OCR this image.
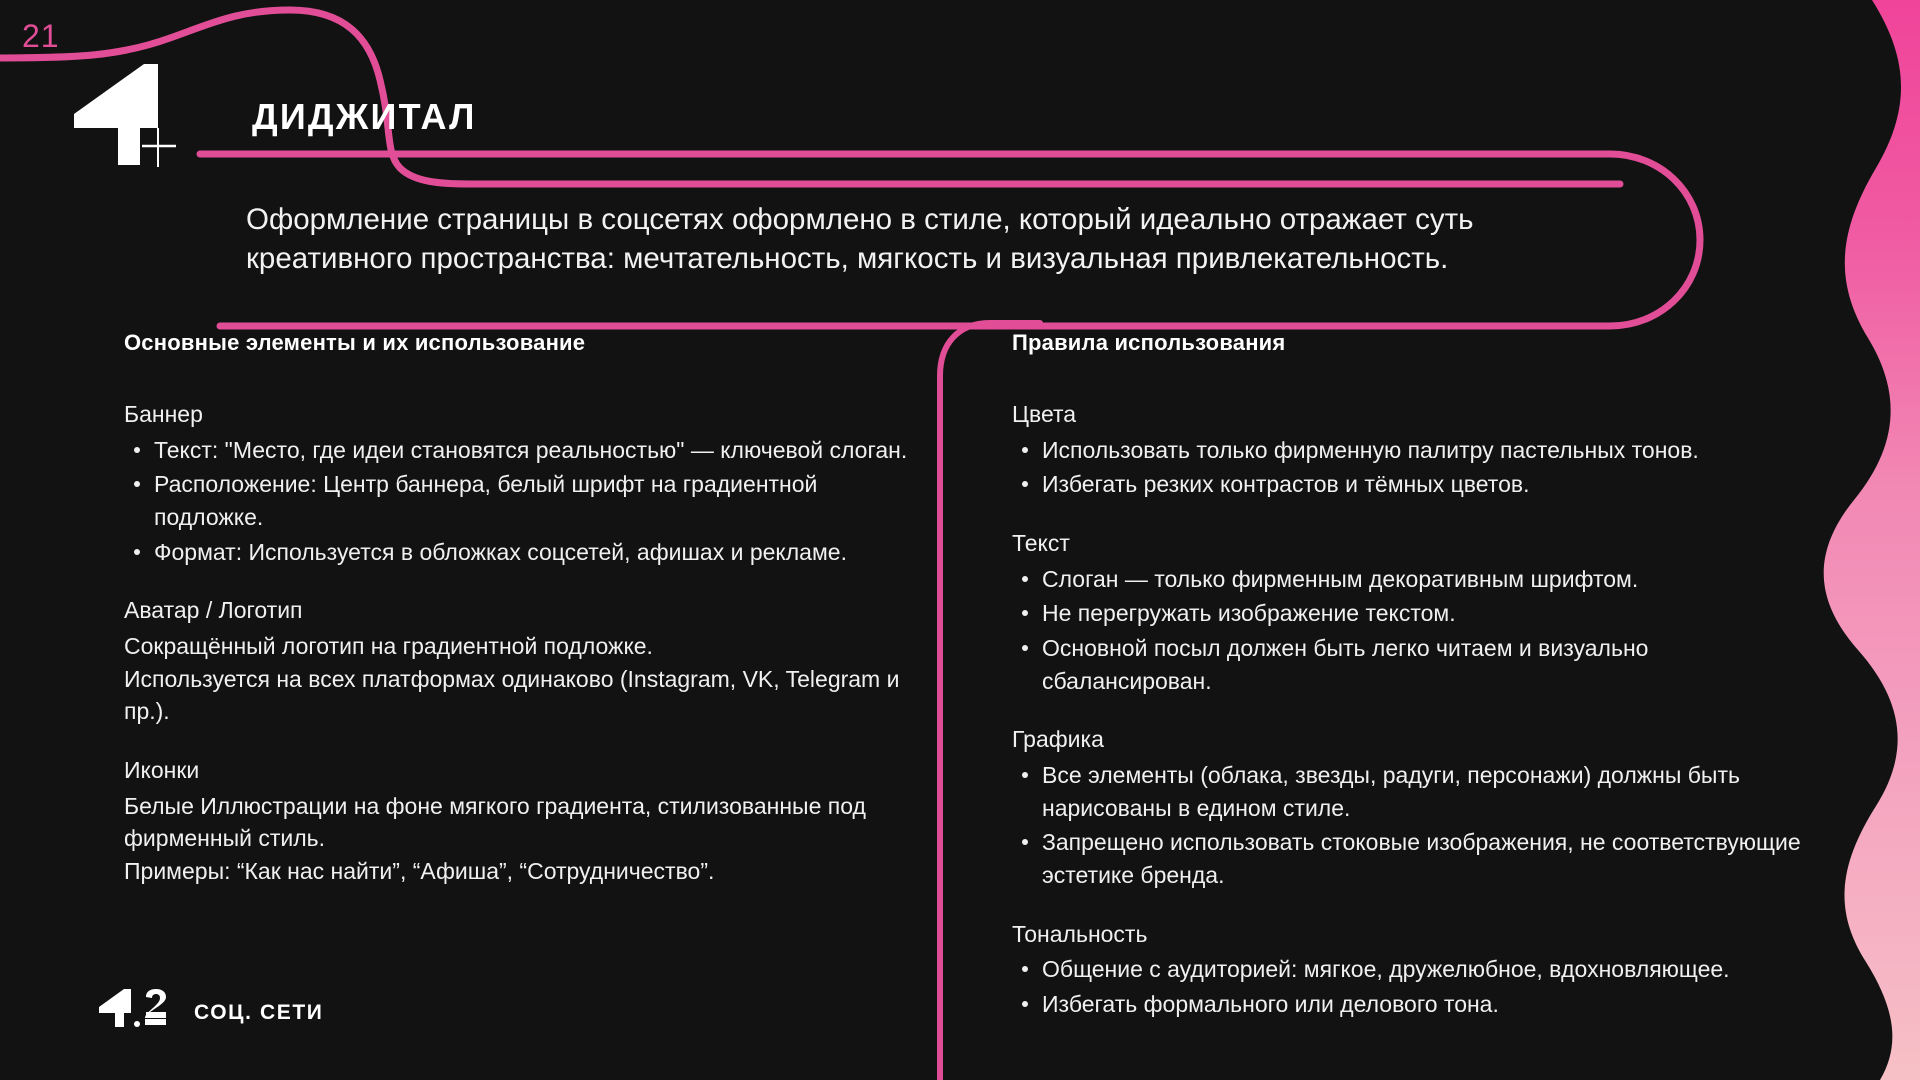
21
ДИДЖИТАЛ
Оформление страницы в соцсетях оформлено в стиле, который идеально отражает суть креативного пространства: мечтательность, мягкость и визуальная привлекательность.
Основные элементы и их использование
Баннер
Текст: "Место, где идеи становятся реальностью" — ключевой слоган.
Расположение: Центр баннера, белый шрифт на градиентной подложке.
Формат: Используется в обложках соцсетей, афишах и рекламе.
Аватар / Логотип
Сокращённый логотип на градиентной подложке.
Используется на всех платформах одинаково (Instagram, VK, Telegram и пр.).
Иконки
Белые Иллюстрации на фоне мягкого градиента, стилизованные под фирменный стиль.
Примеры: “Как нас найти”, “Афиша”, “Сотрудничество”.
Правила использования
Цвета
Использовать только фирменную палитру пастельных тонов.
Избегать резких контрастов и тёмных цветов.
Текст
Слоган — только фирменным декоративным шрифтом.
Не перегружать изображение текстом.
Основной посыл должен быть легко читаем и визуально сбалансирован.
Графика
Все элементы (облака, звезды, радуги, персонажи) должны быть нарисованы в едином стиле.
Запрещено использовать стоковые изображения, не соответствующие эстетике бренда.
Тональность
Общение с аудиторией: мягкое, дружелюбное, вдохновляющее.
Избегать формального или делового тона.
СОЦ. СЕТИ
